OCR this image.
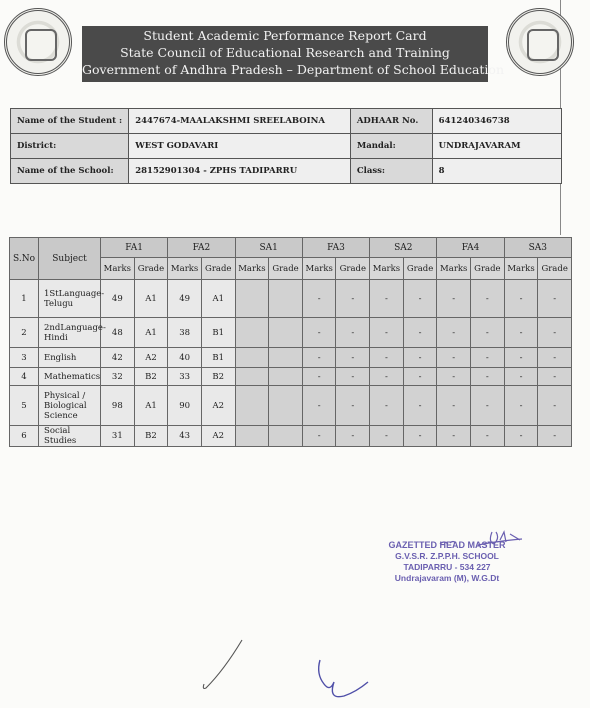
Student Academic Performance Report Card
State Council of Educational Research and Training
Government of Andhra Pradesh – Department of School Education
Name of the Student :	2447674-MAALAKSHMI SREELABOINA	ADHAAR No.	641240346738
District:	WEST GODAVARI	Mandal:	UNDRAJAVARAM
Name of the School:	28152901304 - ZPHS TADIPARRU	Class:	8
S.No	Subject	FA1		FA2		SA1		FA3		SA2		FA4		SA3	
		Marks	Grade	Marks	Grade	Marks	Grade	Marks	Grade	Marks	Grade	Marks	Grade	Marks	Grade
1	1StLanguage-Telugu	49	A1	49	A1			-	-	-	-	-	-	-	-
2	2ndLanguage-Hindi	48	A1	38	B1			-	-	-	-	-	-	-	-
3	English	42	A2	40	B1			-	-	-	-	-	-	-	-
4	Mathematics	32	B2	33	B2			-	-	-	-	-	-	-	-
5	Physical / Biological Science	98	A1	90	A2			-	-	-	-	-	-	-	-
6	Social Studies	31	B2	43	A2			-	-	-	-	-	-	-	-
GAZETTED HEAD MASTER
G.V.S.R. Z.P.P.H. SCHOOL
TADIPARRU - 534 227
Undrajavaram (M), W.G.Dt
